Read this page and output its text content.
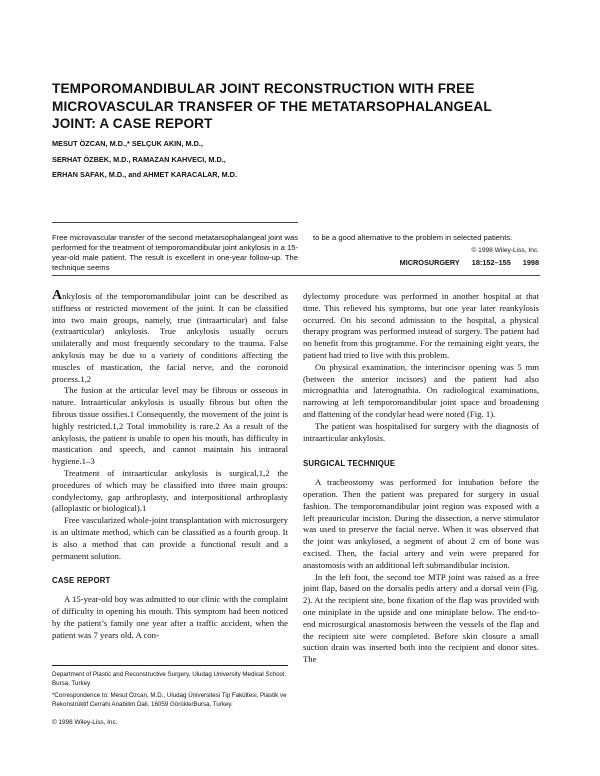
TEMPOROMANDIBULAR JOINT RECONSTRUCTION WITH FREE MICROVASCULAR TRANSFER OF THE METATARSOPHALANGEAL JOINT: A CASE REPORT
MESUT ÖZCAN, M.D.,* SELÇUK AKIN, M.D.,
SERHAT ÖZBEK, M.D., RAMAZAN KAHVECI, M.D.,
ERHAN SAFAK, M.D., and AHMET KARACALAR, M.D.
Free microvascular transfer of the second metatarsophalangeal joint was performed for the treatment of temporomandibular joint ankylosis in a 15-year-old male patient. The result is excellent in one-year follow-up. The technique seems
to be a good alternative to the problem in selected patients.
© 1998 Wiley-Liss, Inc.
MICROSURGERY 18:152–155 1998

Ankylosis of the temporomandibular joint can be described as stiffness or restricted movement of the joint. It can be classified into two main groups, namely, true (intraarticular) and false (extraarticular) ankylosis. True ankylosis usually occurs unilaterally and most frequently secondary to the trauma. False ankylosis may be due to a variety of conditions affecting the muscles of mastication, the facial nerve, and the coronoid process.1,2

The fusion at the articular level may be fibrous or osseous in nature. Intraarticular ankylosis is usually fibrous but often the fibrous tissue ossifies.1 Consequently, the movement of the joint is highly restricted.1,2 Total immobility is rare.2 As a result of the ankylosis, the patient is unable to open his mouth, has difficulty in mastication and speech, and cannot maintain his intraoral hygiene.1–3

Treatment of intraarticular ankylosis is surgical,1,2 the procedures of which may be classified into three main groups: condylectomy, gap arthroplasty, and interpositional arthroplasty (alloplastic or biological).1

Free vascularized whole-joint transplantation with microsurgery is an ultimate method, which can be classified as a fourth group. It is also a method that can provide a functional result and a permanent solution.

CASE REPORT

A 15-year-old boy was admitted to our clinic with the complaint of difficulty in opening his mouth. This symptom had been noticed by the patient’s family one year after a traffic accident, when the patient was 7 years old. A con-

dylectomy procedure was performed in another hospital at that time. This relieved his symptoms, but one year later reankylosis occurred. On his second admission to the hospital, a physical therapy program was performed instead of surgery. The patient had no benefit from this programme. For the remaining eight years, the patient had tried to live with this problem.

On physical examination, the interincisor opening was 5 mm (between the anterior incisors) and the patient had also micrognathia and laterognathia. On radiological examinations, narrowing at left temporomandibular joint space and broadening and flattening of the condylar head were noted (Fig. 1).

The patient was hospitalised for surgery with the diagnosis of intraarticular ankylosis.

SURGICAL TECHNIQUE

A tracheostomy was performed for intubation before the operation. Then the patient was prepared for surgery in usual fashion. The temporomandibular joint region was exposed with a left preauricular incision. During the dissection, a nerve stimulator was used to preserve the facial nerve. When it was observed that the joint was ankylosed, a segment of about 2 cm of bone was excised. Then, the facial artery and vein were prepared for anastomosis with an additional left submandibular incision.

In the left foot, the second toe MTP joint was raised as a free joint flap, based on the dorsalis pedis artery and a dorsal vein (Fig. 2). At the recipient site, bone fixation of the flap was provided with one miniplate in the upside and one miniplate below. The end-to-end microsurgical anastomosis between the vessels of the flap and the recipient site were completed. Before skin closure a small suction drain was inserted both into the recipient and donor sites. The

Department of Plastic and Reconstructive Surgery, Uludag University Medical School, Bursa, Turkey

*Correspondence to: Mesut Özcan, M.D., Uludag Üniversitesi Tip Fakültesi, Plastik ve Rekonstrüktif Cerrahi Anabilim Dali, 16059 Görükle/Bursa, Turkey.

© 1998 Wiley-Liss, Inc.
